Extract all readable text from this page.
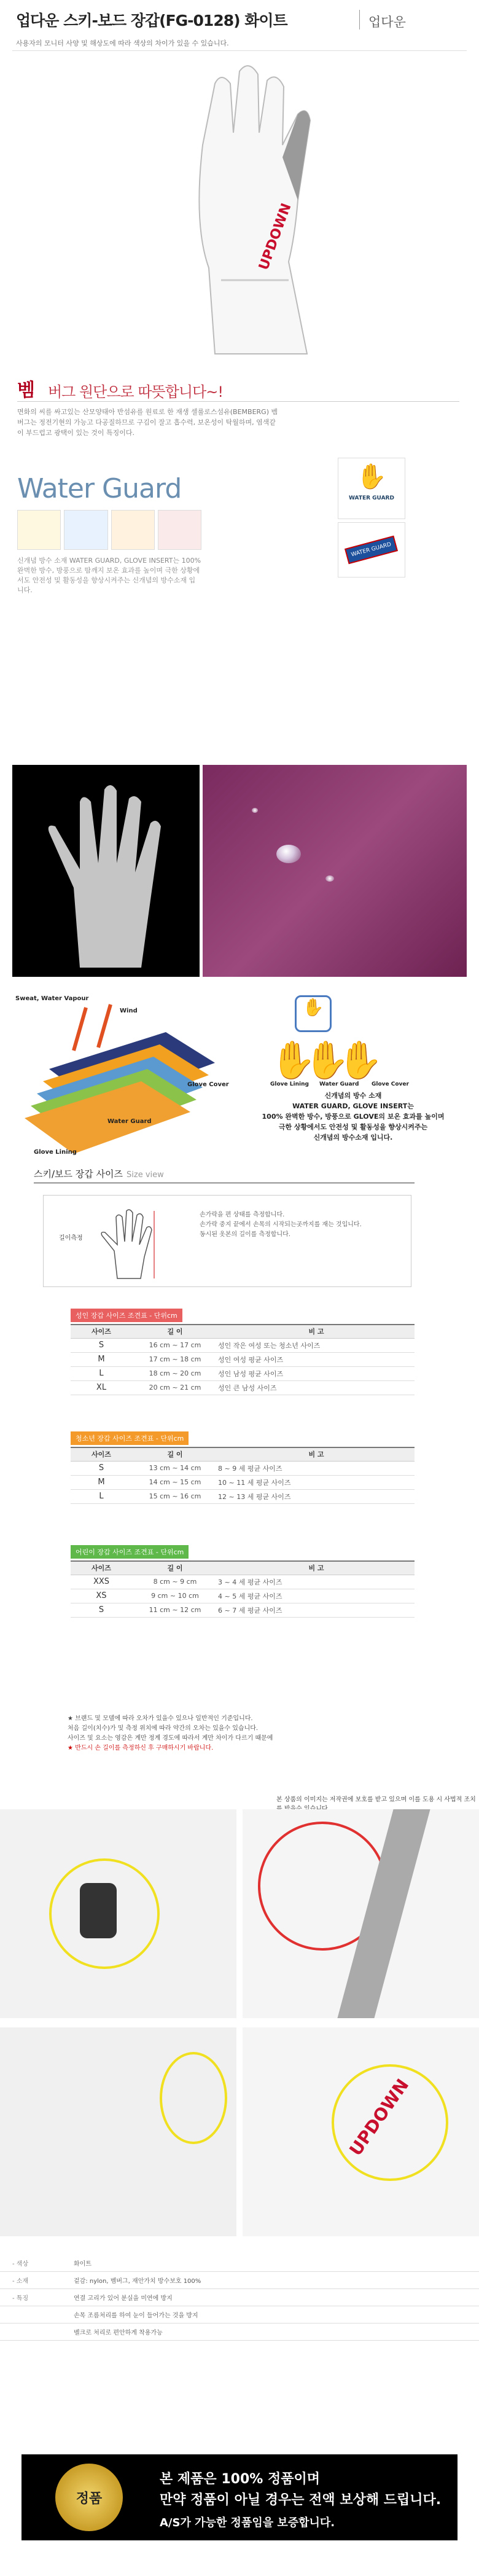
업다운 스키-보드 장갑(FG-0128) 화이트	업다운
사용자의 모니터 사양 및 해상도에 따라 색상의 차이가 있을 수 있습니다.
UPDOWN
벰 버그 원단으로 따뜻합니다~!
면화의 씨를 싸고있는 산모양태아 반섬유를 원료로 한 재생 셀룰로스섬유(BEMBERG) 벰버그는 정전기현의 가능고 다공질하므로 구김이 잘고 흡수력, 보온성이 탁월하며, 염색같이 부드럽고 광택이 있는 것이 특징이다.
Water Guard
신개념 방수 소재 WATER GUARD, GLOVE INSERT는 100%완벽한 방수, 방풍으로 땀깨지 보온 효과를 높이며 극한 상황에서도 안전성 및 활동성을 향상시켜주는 신개념의 방수소재 입니다.
✋
WATER GUARD
WATER GUARD
Sweat, Water Vapour
Wind
Glove Cover
Water Guard
Glove Lining
✋
✋✋✋
Glove Lining Water Guard Glove Cover
신개념의 방수 소재
WATER GUARD, GLOVE INSERT는
100% 완벽한 방수, 방풍으로 GLOVE의 보온 효과를 높이며
극한 상황에서도 안전성 및 활동성을 향상시켜주는
신개념의 방수소재 입니다.
스키/보드 장갑 사이즈 Size view
길이측정
손가락을 편 상태를 측정합니다.
손가락 중지 끝에서 손목의 시작되는곳까지를 재는 것입니다.
동시된 옷본의 길이를 측정합니다.
성인 장갑 사이즈 조견표 - 단위cm
사이즈	길 이	비 고
S	16 cm ~ 17 cm	성인 작은 여성 또는 청소년 사이즈
M	17 cm ~ 18 cm	성인 여성 평균 사이즈
L	18 cm ~ 20 cm	성인 남성 평균 사이즈
XL	20 cm ~ 21 cm	성인 큰 남성 사이즈
청소년 장갑 사이즈 조견표 - 단위cm
사이즈	길 이	비 고
S	13 cm ~ 14 cm	8 ~ 9 세 평균 사이즈
M	14 cm ~ 15 cm	10 ~ 11 세 평균 사이즈
L	15 cm ~ 16 cm	12 ~ 13 세 평균 사이즈
어린이 장갑 사이즈 조견표 - 단위cm
사이즈	길 이	비 고
XXS	8 cm ~ 9 cm	3 ~ 4 세 평균 사이즈
XS	9 cm ~ 10 cm	4 ~ 5 세 평균 사이즈
S	11 cm ~ 12 cm	6 ~ 7 세 평균 사이즈
★ 브랜드 및 모델에 따라 오차가 있을수 있으나 일반적인 기준입니다.
처음 길이(치수)가 및 측정 위치에 따라 약간의 오차는 있을수 있습니다.
사이즈 및 요소는 영감은 계만 정계 경도에 따라서 계만 차이가 다르기 때문에
★ 반드시 손 길이를 측정하신 후 구매하시기 바랍니다.
본 상품의 이미지는 저작권에 보호를 받고 있으며 이를 도용 시 사법적 조치
UPDOWN
- 색상	화이트
- 소재	겉감: nylon, 벰버그, 재안가치 방수보호 100%
- 특징	연결 고리가 있어 분실을 미연에 방지
손목 조름처리를 하여 눈이 들어가는 것을 방지
벨크로 처리로 편안하게 착용가능
정품
본 제품은 100% 정품이며
만약 정품이 아닐 경우는 전액 보상해 드립니다.
A/S가 가능한 정품임을 보증합니다.
